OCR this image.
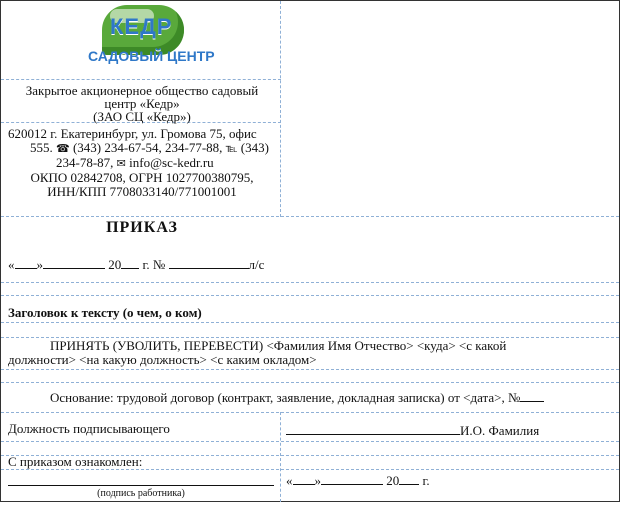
КЕДР
САДОВЫЙ ЦЕНТР
Закрытое акционерное общество садовый
центр «Кедр»
(ЗАО СЦ «Кедр»)
620012 г. Екатеринбург, ул. Громова 75, офис
555. ☎ (343) 234-67-54, 234-77-88, ℡ (343)
234-78-87, ✉ info@sc-kedr.ru
ОКПО 02842708, ОГРН 1027700380795,
ИНН/КПП 7708033140/771001001
ПРИКАЗ
« »	20 г. №	л/с
Заголовок к тексту (о чем, о ком)
ПРИНЯТЬ (УВОЛИТЬ, ПЕРЕВЕСТИ) <Фамилия Имя Отчество> <куда> <с какой
должности> <на какую должность> <с каким окладом>
Основание: трудовой договор (контракт, заявление, докладная записка) от <дата>, №
Должность подписывающего	И.О. Фамилия
С приказом ознакомлен:
« »	20 г.
(подпись работника)
